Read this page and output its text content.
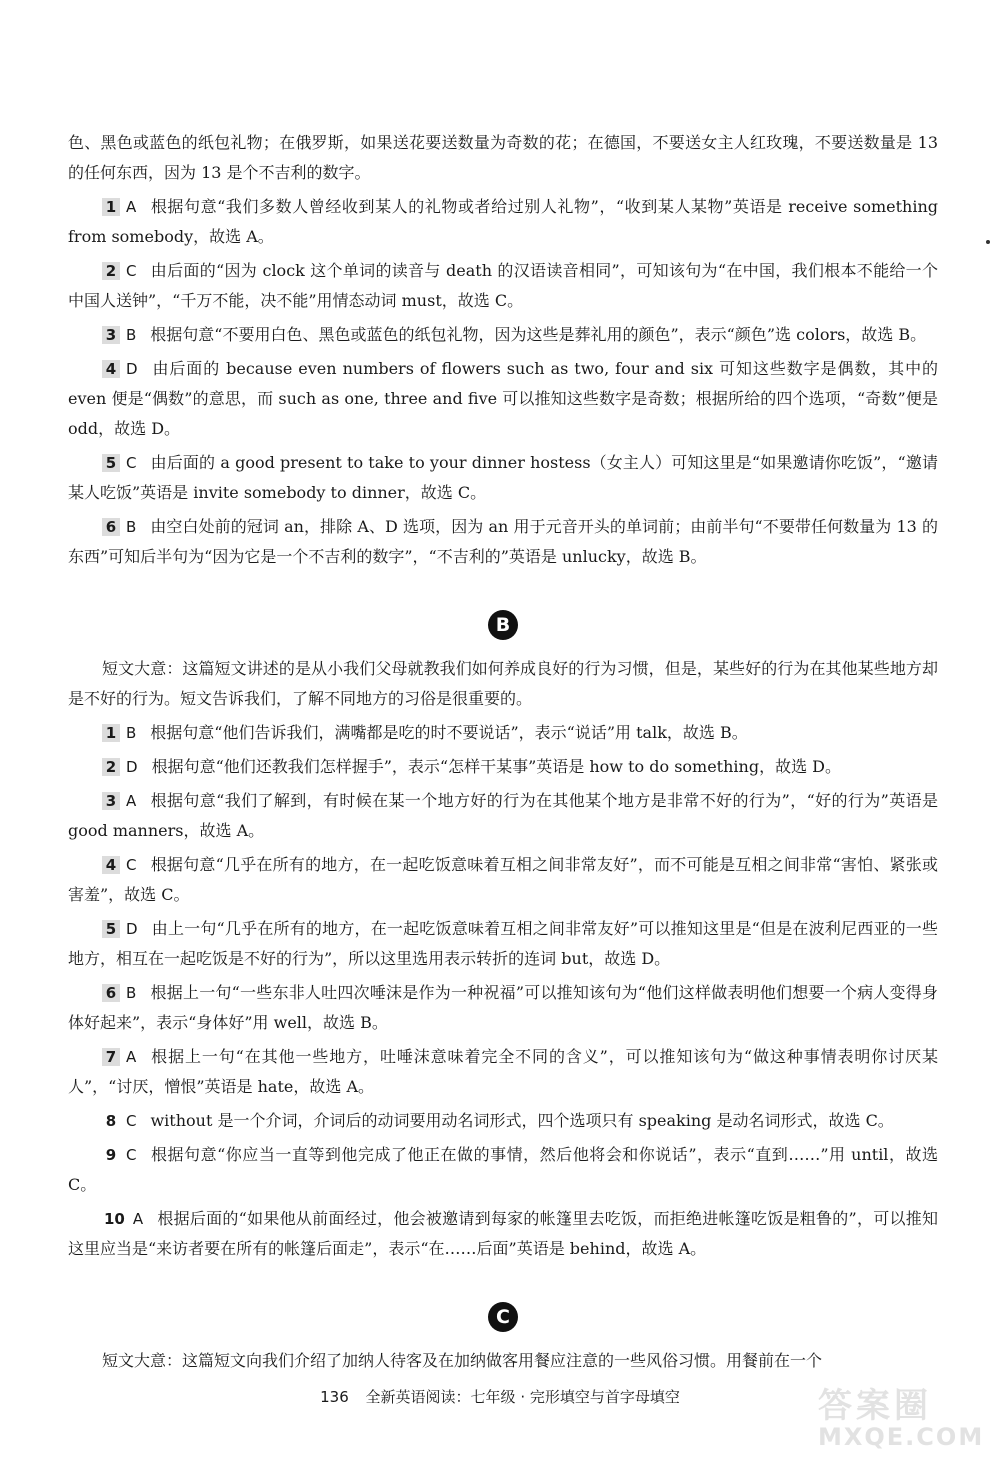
色、黑色或蓝色的纸包礼物；在俄罗斯，如果送花要送数量为奇数的花；在德国，不要送女主人红玫瑰，不要送数量是 13 的任何东西，因为 13 是个不吉利的数字。

1 A 根据句意“我们多数人曾经收到某人的礼物或者给过别人礼物”，“收到某人某物”英语是 receive something from somebody，故选 A。

2 C 由后面的“因为 clock 这个单词的读音与 death 的汉语读音相同”，可知该句为“在中国，我们根本不能给一个中国人送钟”，“千万不能，决不能”用情态动词 must，故选 C。

3 B 根据句意“不要用白色、黑色或蓝色的纸包礼物，因为这些是葬礼用的颜色”，表示“颜色”选 colors，故选 B。

4 D 由后面的 because even numbers of flowers such as two, four and six 可知这些数字是偶数，其中的 even 便是“偶数”的意思，而 such as one, three and five 可以推知这些数字是奇数；根据所给的四个选项，“奇数”便是 odd，故选 D。

5 C 由后面的 a good present to take to your dinner hostess（女主人）可知这里是“如果邀请你吃饭”，“邀请某人吃饭”英语是 invite somebody to dinner，故选 C。

6 B 由空白处前的冠词 an，排除 A、D 选项，因为 an 用于元音开头的单词前；由前半句“不要带任何数量为 13 的东西”可知后半句为“因为它是一个不吉利的数字”，“不吉利的”英语是 unlucky，故选 B。

B

短文大意：这篇短文讲述的是从小我们父母就教我们如何养成良好的行为习惯，但是，某些好的行为在其他某些地方却是不好的行为。短文告诉我们，了解不同地方的习俗是很重要的。

1 B 根据句意“他们告诉我们，满嘴都是吃的时不要说话”，表示“说话”用 talk，故选 B。

2 D 根据句意“他们还教我们怎样握手”，表示“怎样干某事”英语是 how to do something，故选 D。

3 A 根据句意“我们了解到，有时候在某一个地方好的行为在其他某个地方是非常不好的行为”，“好的行为”英语是 good manners，故选 A。

4 C 根据句意“几乎在所有的地方，在一起吃饭意味着互相之间非常友好”，而不可能是互相之间非常“害怕、紧张或害羞”，故选 C。

5 D 由上一句“几乎在所有的地方，在一起吃饭意味着互相之间非常友好”可以推知这里是“但是在波利尼西亚的一些地方，相互在一起吃饭是不好的行为”，所以这里选用表示转折的连词 but，故选 D。

6 B 根据上一句“一些东非人吐四次唾沫是作为一种祝福”可以推知该句为“他们这样做表明他们想要一个病人变得身体好起来”，表示“身体好”用 well，故选 B。

7 A 根据上一句“在其他一些地方，吐唾沫意味着完全不同的含义”，可以推知该句为“做这种事情表明你讨厌某人”，“讨厌，憎恨”英语是 hate，故选 A。

8 C without 是一个介词，介词后的动词要用动名词形式，四个选项只有 speaking 是动名词形式，故选 C。

9 C 根据句意“你应当一直等到他完成了他正在做的事情，然后他将会和你说话”，表示“直到……”用 until，故选 C。

10 A 根据后面的“如果他从前面经过，他会被邀请到每家的帐篷里去吃饭，而拒绝进帐篷吃饭是粗鲁的”，可以推知这里应当是“来访者要在所有的帐篷后面走”，表示“在……后面”英语是 behind，故选 A。

C

短文大意：这篇短文向我们介绍了加纳人待客及在加纳做客用餐应注意的一些风俗习惯。用餐前在一个

136 全新英语阅读：七年级 · 完形填空与首字母填空	答案圈
MXQE.COM
